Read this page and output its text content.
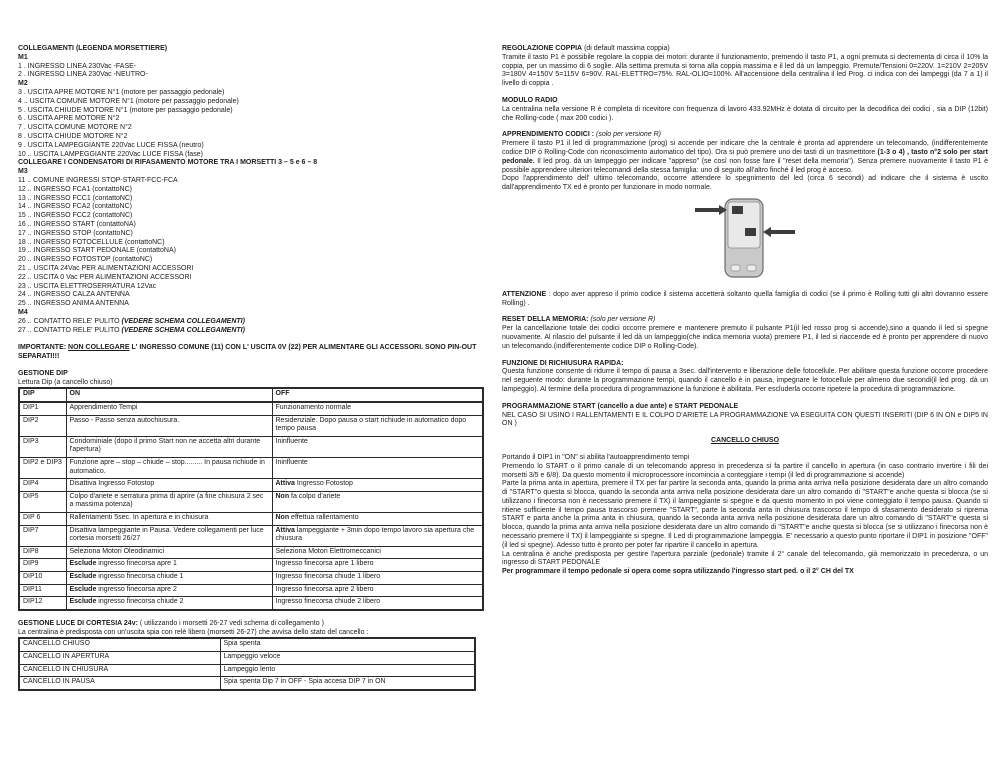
COLLEGAMENTI (LEGENDA MORSETTIERE)
M1
1 . INGRESSO LINEA 230Vac -FASE-
2 . INGRESSO LINEA 230Vac -NEUTRO-
M2
3 . USCITA APRE MOTORE N°1 (motore per passaggio pedonale)
4 .. USCITA COMUNE MOTORE N°1 (motore per passaggio pedonale)
5 . USCITA CHIUDE MOTORE N°1 (motore per passaggio pedonale)
6 . USCITA APRE MOTORE N°2
7 . USCITA COMUNE MOTORE N°2
8 . USCITA CHIUDE MOTORE N°2
9 . USCITA LAMPEGGIANTE 220Vac LUCE FISSA (neutro)
10 .. USCITA LAMPEGGIANTE 220Vac LUCE FISSA (fase)
COLLEGARE I CONDENSATORI DI RIFASAMENTO MOTORE TRA I MORSETTI 3 – 5 e 6 – 8
M3
11 .. COMUNE INGRESSI STOP-START-FCC-FCA
12 .. INGRESSO FCA1 (contattoNC)
13 .. INGRESSO FCC1 (contattoNC)
14 .. INGRESSO FCA2 (contattoNC)
15 .. INGRESSO FCC2 (contattoNC)
16 .. INGRESSO START (contattoNA)
17 .. INGRESSO STOP (contattoNC)
18 .. INGRESSO FOTOCELLULE (contattoNC)
19 .. INGRESSO START PEDONALE (contattoNA)
20 .. INGRESSO FOTOSTOP (contattoNC)
21 .. USCITA 24Vac PER ALIMENTAZIONI ACCESSORI
22 .. USCITA 0 Vac PER ALIMENTAZIONI ACCESSORI
23 .. USCITA ELETTROSERRATURA 12Vac
24 .. INGRESSO CALZA ANTENNA
25 .. INGRESSO ANIMA ANTENNA
M4
26 .. CONTATTO RELE' PULITO (VEDERE SCHEMA COLLEGAMENTI)
27 .. CONTATTO RELE' PULITO (VEDERE SCHEMA COLLEGAMENTI)
IMPORTANTE: NON COLLEGARE L' INGRESSO COMUNE (11) CON L' USCITA 0V (22) PER ALIMENTARE GLI ACCESSORI. SONO PIN-OUT SEPARATI!!!
GESTIONE DIP
Lettura Dip (a cancello chiuso)
DIP	ON	OFF
DIP1	Apprendimento Tempi	Funzionamento normale
DIP2	Passo - Passo senza autochiusura.	Residenziale. Dopo pausa o start richiude in automatico dopo tempo pausa
DIP3	Condominiale (dopo il primo Start non ne accetta altri durante l'apertura)	Ininfluente
DIP2 e DIP3	Funzione apre – stop – chiude – stop......... In pausa richiude in automatico.	Ininfluente
DIP4	Disattiva Ingresso Fotostop	Attiva Ingresso Fotostop
DIP5	Colpo d'ariete e serratura prima di aprire (a fine chiusura 2 sec a massima potenza)	Non fa colpo d'ariete
DIP 6	Rallentamenti 5sec. In apertura e in chiusura	Non effettua rallentamento
DIP7	Disattiva lampeggiante in Pausa. Vedere collegamenti per luce cortesia morsetti 26/27	Attiva lampeggiante + 3min dopo tempo lavoro sia apertura che chiusura
DIP8	Seleziona Motori Oleodinamici	Seleziona Motori Elettromeccanici
DIP9	Esclude ingresso finecorsa apre 1	Ingresso finecorsa apre 1 libero
DIP10	Esclude ingresso finecorsa chiude 1	Ingresso finecorsa chiude 1 libero
DIP11	Esclude ingresso finecorsa apre 2	Ingresso finecorsa apre 2 libero
DIP12	Esclude ingresso finecorsa chiude 2	Ingresso finecorsa chiude 2 libero
GESTIONE LUCE DI CORTESIA 24v: ( utilizzando i morsetti 26-27 vedi schema di collegamento )
La centralina è predisposta con un'uscita spia con relè libero (morsetti 26-27) che avvisa dello stato del cancello :
CANCELLO CHIUSO	Spia spenta
CANCELLO IN APERTURA	Lampeggio veloce
CANCELLO IN CHIUSURA	Lampeggio lento
CANCELLO IN PAUSA	Spia spenta Dip 7 in OFF - Spia accesa DIP 7 in ON
REGOLAZIONE COPPIA (di default massima coppia)
Tramite il tasto P1 è possibile regolare la coppia dei motori: durante il funzionamento, premendo il tasto P1, a ogni premuta si decrementa di circa il 10% la coppia, per un massimo di 6 soglie. Alla settima premuta si torna alla coppia massima e il led dà un lampeggio. Premute/Tensioni 0=220V. 1=210V 2=205V 3=180V 4=150V 5=115V 6=90V. RAL-ELETTRO=75%. RAL-OLIO=100%. All'accensione della centralina il led Prog. ci indica con dei lampeggi (da 7 a 1) il livello di coppia .
MODULO RADIO
La centralina nella versione R è completa di ricevitore con frequenza di lavoro 433.92MHz è dotata di circuito per la decodifica dei codici , sia a DIP (12bit) che Rolling-code ( max 200 codici ).
APPRENDIMENTO CODICI : (solo per versione R)
Premere il tasto P1 il led di programmazione (prog) si accende per indicare che la centrale è pronta ad apprendere un telecomando, (indifferentemente codice DIP ò Rolling-Code con riconoscimento automatico del tipo). Ora si può premere uno dei tasti di un trasmettitore (1-3 o 4) , tasto n°2 solo per start pedonale. Il led prog. dà un lampeggio per indicare "appreso" (se così non fosse fare il "reset della memoria"). Senza premere nuovamente il tasto P1 è possibile apprendere ulteriori telecomandi della stessa famiglia: uno di seguito all'altro finché il led prog è acceso.
Dopo l'apprendimento dell' ultimo telecomando, occorre attendere lo spegnimento del led (circa 6 secondi) ad indicare che il sistema è uscito dall'apprendimento TX ed è pronto per funzionare in modo normale.
ATTENZIONE : dopo aver appreso il primo codice il sistema accetterà soltanto quella famiglia di codici (se il primo è Rolling tutti gli altri dovranno essere Rolling) .
RESET DELLA MEMORIA: (solo per versione R)
Per la cancellazione totale dei codici occorre premere e mantenere premuto il pulsante P1(il led rosso prog si accende),sino a quando il led si spegne nuovamente. Al rilascio del pulsante il led dà un lampeggio(che indica memoria vuota) premere P1, il led si riaccende ed è pronto per apprendere di nuovo un telecomando.(indifferentemente codice DIP o Rolling-Code).
FUNZIONE DI RICHIUSURA RAPIDA:
Questa funzione consente di ridurre il tempo di pausa a 3sec. dall'intervento e liberazione delle fotocellule. Per abilitare questa funzione occorre procedere nel seguente modo: durante la programmazione tempi, quando il cancello è in pausa, impegnare le fotocellule per almeno due secondi(il led prog. dà un lampeggio). Al termine della procedura di programmazione la funzione è abilitata. Per escluderla occorre ripetere la procedura di programmazione.
PROGRAMMAZIONE START (cancello a due ante) e START PEDONALE
NEL CASO SI USINO I RALLENTAMENTI E IL COLPO D'ARIETE LA PROGRAMMAZIONE VA ESEGUITA CON QUESTI INSERITI (DIP 6 IN ON e DIP5 IN ON )
CANCELLO CHIUSO
Portando il DIP1 in "ON" si abilita l'autoapprendimento tempi
Premendo lo START o il primo canale di un telecomando appreso in precedenza si fa partire il cancello in apertura (in caso contrario invertire i fili dei morsetti 3/5 e 6/8). Da questo momento il microprocessore incomincia a conteggiare i tempi (il led di programmazione si accende)
Parte la prima anta in apertura, premere il TX per far partire la seconda anta, quando la prima anta arriva nella posizione desiderata dare un altro comando di "START"o questa si blocca, quando la seconda anta arriva nella posizione desiderata dare un altro comando di "START"e anche questa si blocca (se si utilizzano i finecorsa non è necessario premere il TX) il lampeggiante si spegne e da questo momento in poi viene conteggiato il tempo pausa. Quando si ritiene sufficiente il tempo pausa trascorso premere "START", parte la seconda anta in chiusura trascorso il tempo di sfasamento desiderato si riprema START e parta anche la prima anta in chiusura, quando la seconda anta arriva nella posizione desiderata dare un altro comando di "START"e questa si blocca, quando la prima anta arriva nella posizione desiderata dare un altro comando di "START"e anche questa si blocca (se si utilizzano i finecorsa non è necessario premere il TX) il lampeggiante si spegne. Il Led di programmazione lampeggia. E' necessario a questo punto riportare il DIP1 in posizione "OFF"(il led si spegne). Adesso tutto è pronto per poter far ripartire il cancello in apertura.
La centralina è anche predisposta per gestire l'apertura parziale (pedonale) tramite il 2° canale del telecomando, già memorizzato in precedenza, o un ingresso di START PEDONALE
Per programmare il tempo pedonale si opera come sopra utilizzando l'ingresso start ped. o il 2° CH del TX
